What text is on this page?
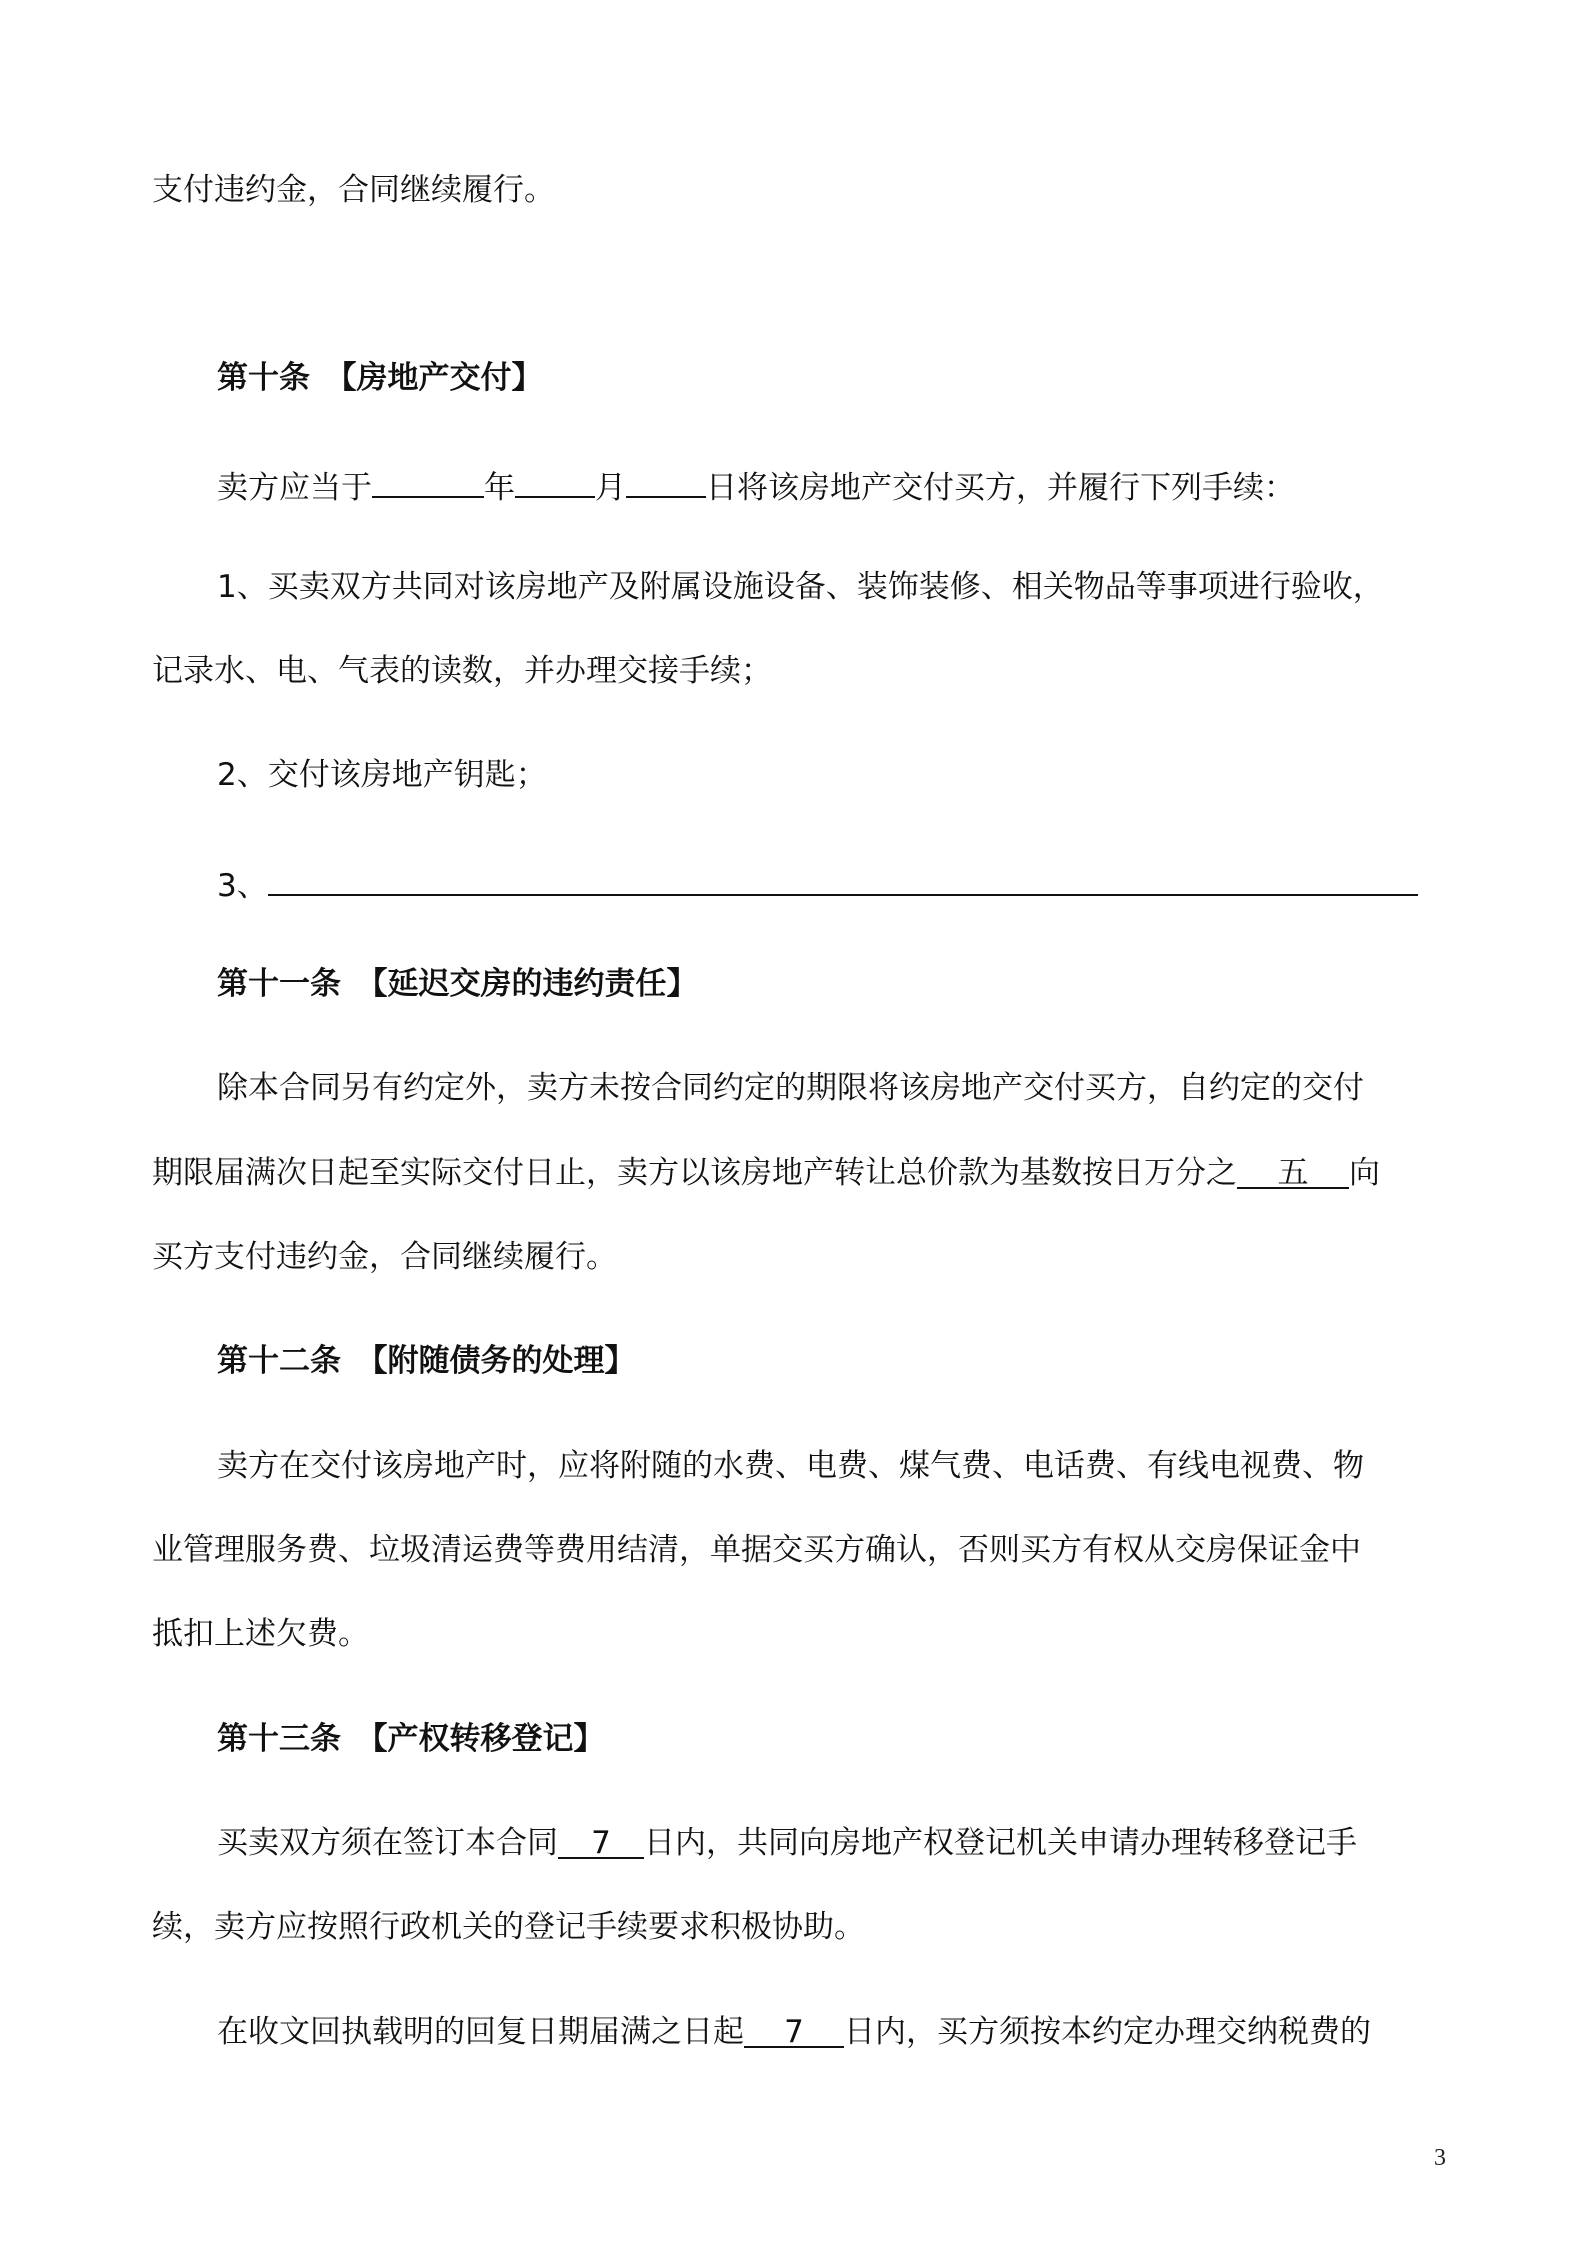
支付违约金，合同继续履行。
第十条　【房地产交付】
卖方应当于	年	月	日将该房地产交付买方，并履行下列手续：
1、买卖双方共同对该房地产及附属设施设备、装饰装修、相关物品等事项进行验收，
记录水、电、气表的读数，并办理交接手续；
2、交付该房地产钥匙；
3、
第十一条　【延迟交房的违约责任】
除本合同另有约定外，卖方未按合同约定的期限将该房地产交付买方，自约定的交付
期限届满次日起至实际交付日止，卖方以该房地产转让总价款为基数按日万分之 五 向
买方支付违约金，合同继续履行。
第十二条　【附随债务的处理】
卖方在交付该房地产时，应将附随的水费、电费、煤气费、电话费、有线电视费、物
业管理服务费、垃圾清运费等费用结清，单据交买方确认，否则买方有权从交房保证金中
抵扣上述欠费。
第十三条　【产权转移登记】
买卖双方须在签订本合同 7 日内，共同向房地产权登记机关申请办理转移登记手
续，卖方应按照行政机关的登记手续要求积极协助。
在收文回执载明的回复日期届满之日起 7 日内，买方须按本约定办理交纳税费的
3
